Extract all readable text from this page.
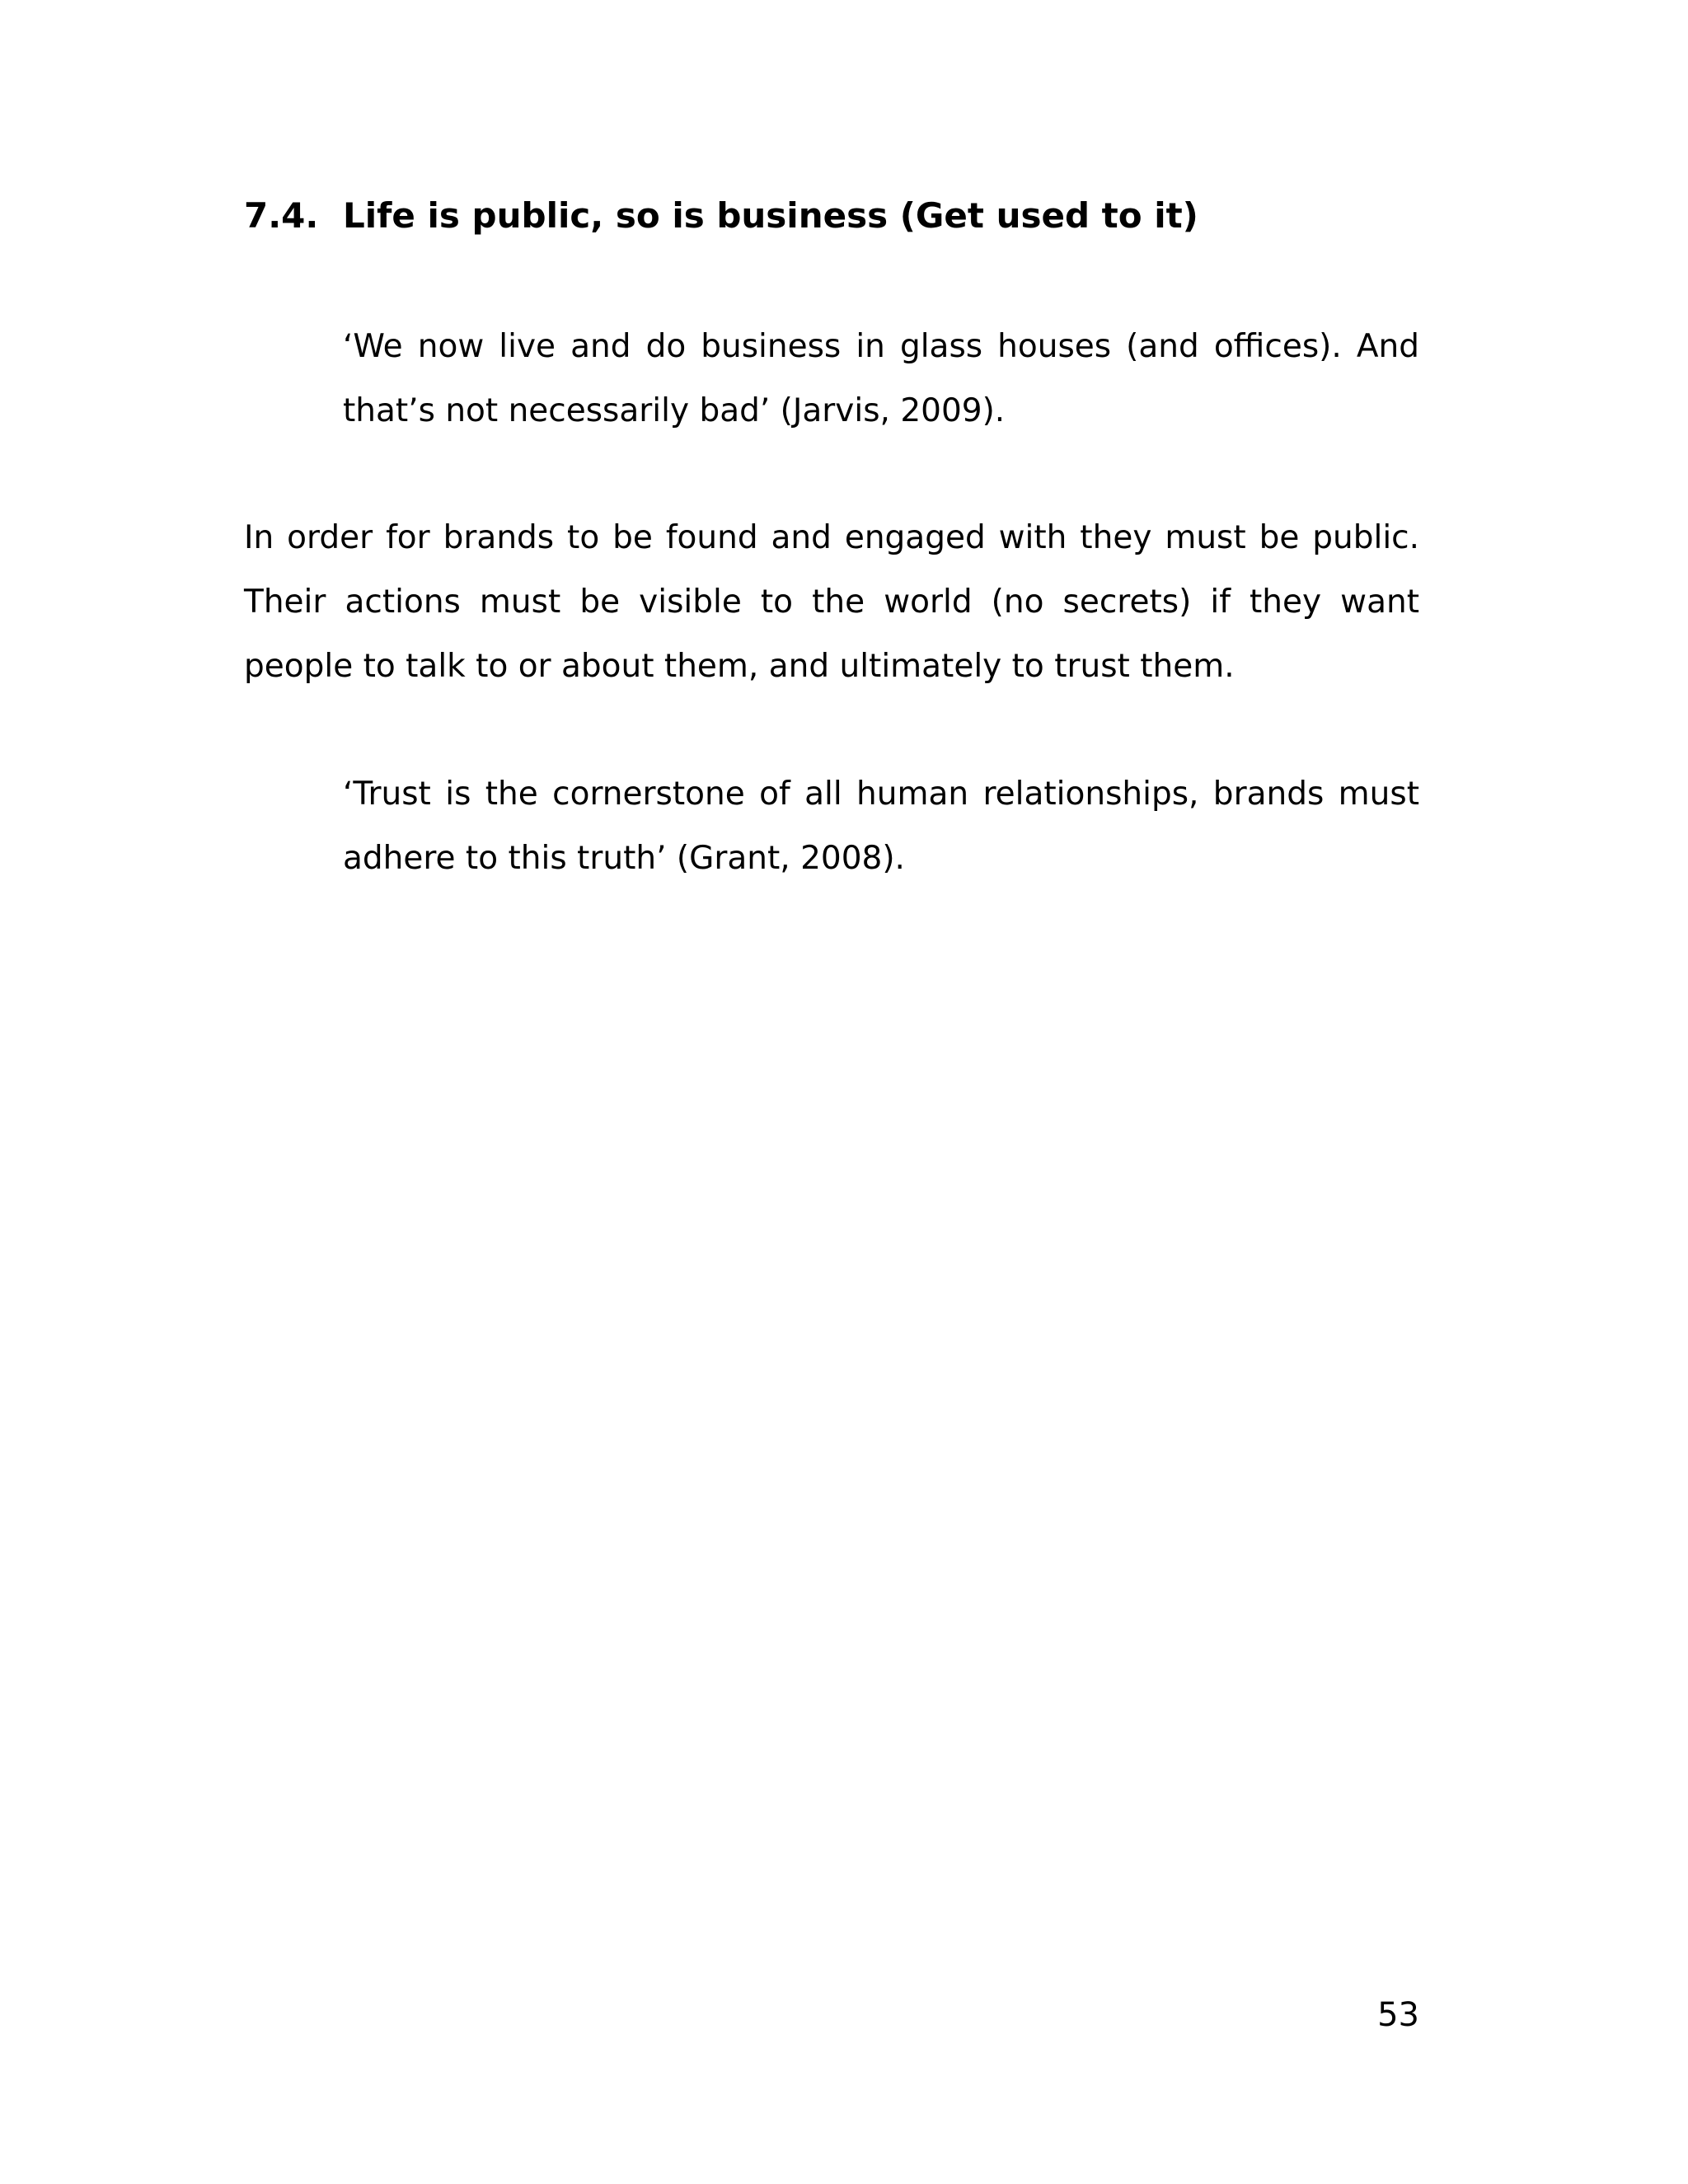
7.4. Life is public, so is business (Get used to it)
‘We now live and do business in glass houses (and offices). And that’s not necessarily bad’ (Jarvis, 2009).
In order for brands to be found and engaged with they must be public. Their actions must be visible to the world (no secrets) if they want people to talk to or about them, and ultimately to trust them.
‘Trust is the cornerstone of all human relationships, brands must adhere to this truth’ (Grant, 2008).
53
